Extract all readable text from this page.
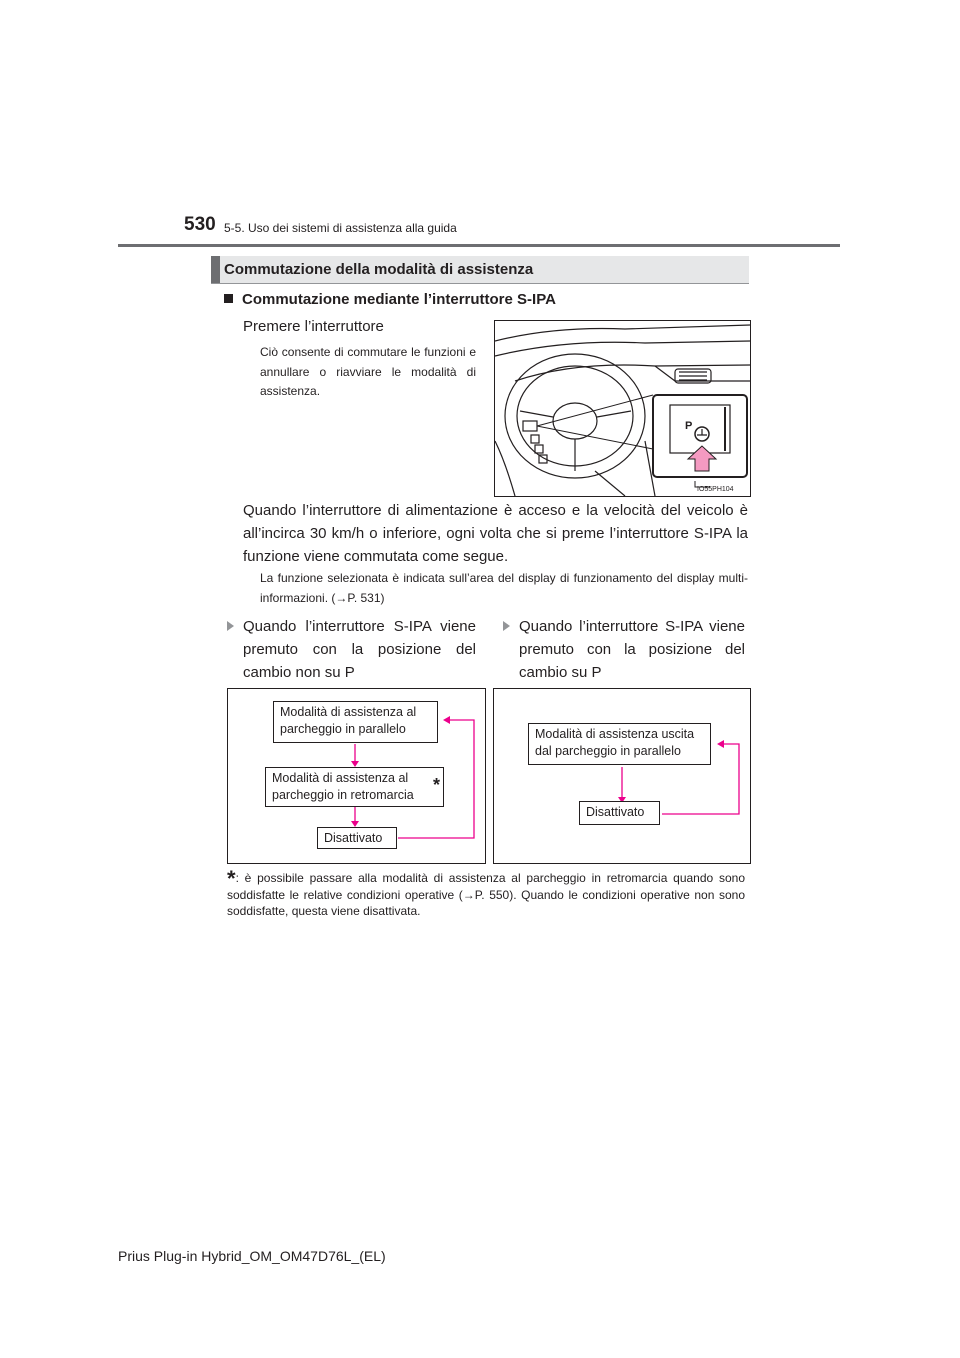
530 5-5. Uso dei sistemi di assistenza alla guida
Commutazione della modalità di assistenza
Commutazione mediante l’interruttore S-IPA
Premere l’interruttore
Ciò consente di commutare le funzioni e annullare o riavviare le modalità di assistenza.
P
IO55PH104
Quando l’interruttore di alimentazione è acceso e la velocità del veicolo è all’incirca 30 km/h o inferiore, ogni volta che si preme l’interruttore S-IPA la funzione viene commutata come segue.
La funzione selezionata è indicata sull’area del display di funzionamento del display multi-informazioni. (→P. 531)
Quando l’interruttore S-IPA viene premuto con la posizione del cambio non su P
Quando l’interruttore S-IPA viene premuto con la posizione del cambio su P
Modalità di assistenza al parcheggio in parallelo
Modalità di assistenza al parcheggio in retromarcia *
Disattivato
Modalità di assistenza uscita dal parcheggio in parallelo
Disattivato
*: è possibile passare alla modalità di assistenza al parcheggio in retromarcia quando sono soddisfatte le relative condizioni operative (→P. 550). Quando le condizioni operative non sono soddisfatte, questa viene disattivata.
Prius Plug-in Hybrid_OM_OM47D76L_(EL)
